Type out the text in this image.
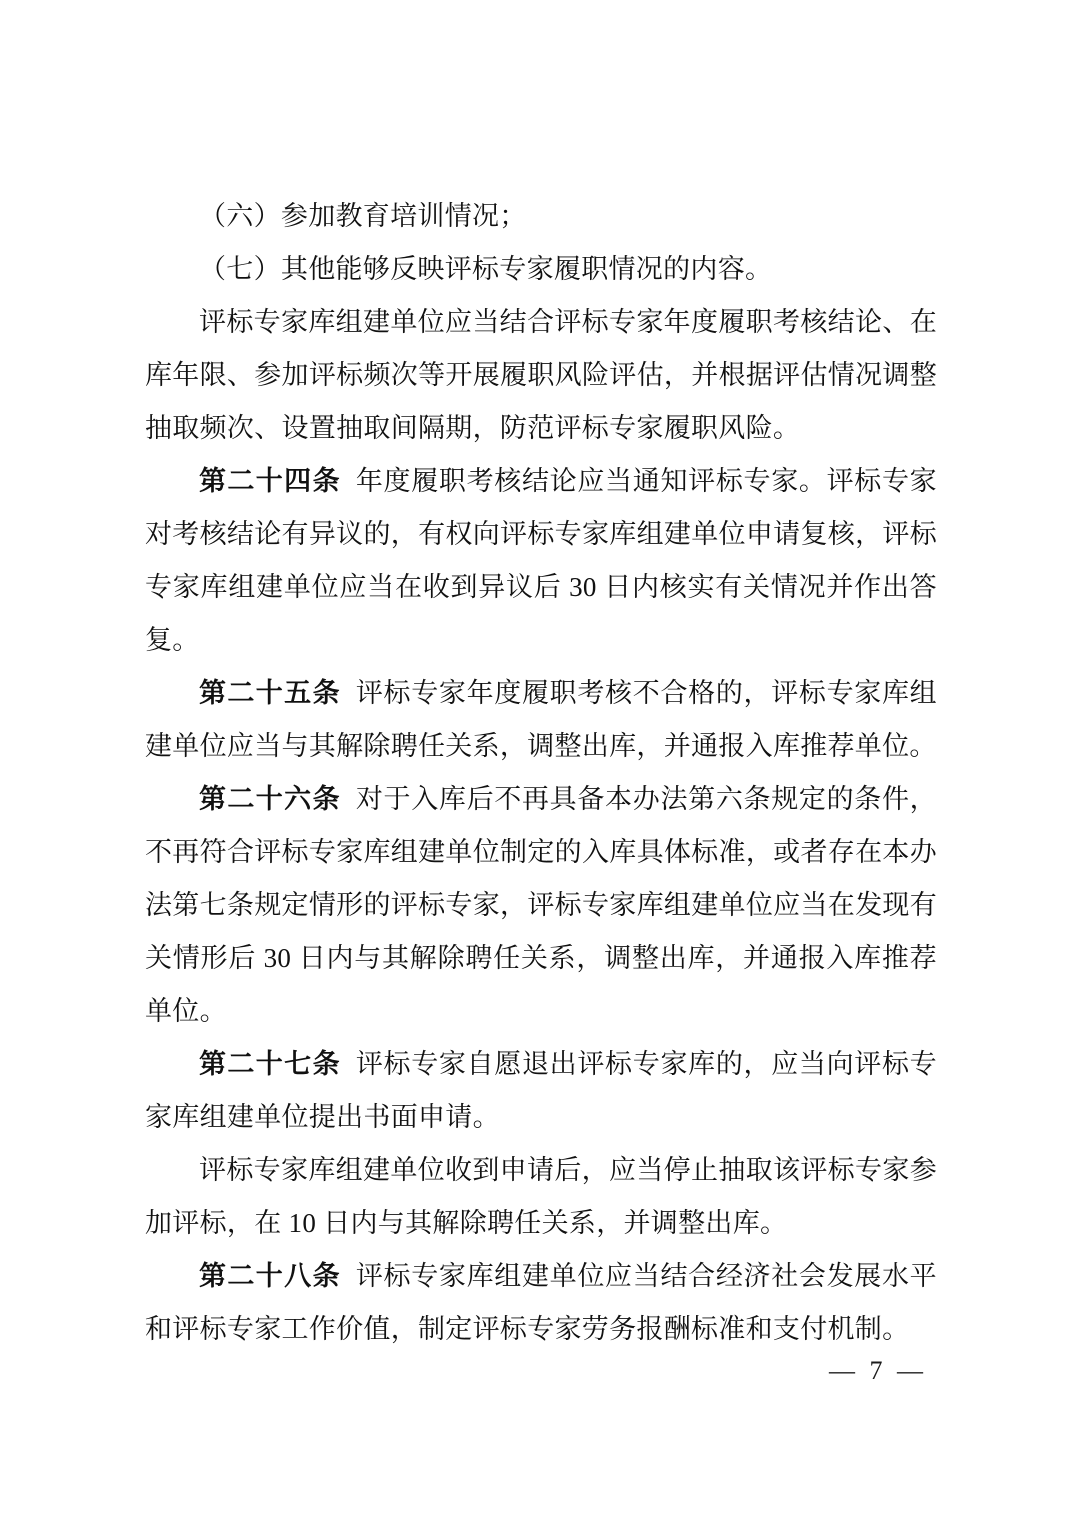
（六）参加教育培训情况；

（七）其他能够反映评标专家履职情况的内容。

评标专家库组建单位应当结合评标专家年度履职考核结论、在库年限、参加评标频次等开展履职风险评估，并根据评估情况调整抽取频次、设置抽取间隔期，防范评标专家履职风险。

第二十四条 年度履职考核结论应当通知评标专家。评标专家对考核结论有异议的，有权向评标专家库组建单位申请复核，评标专家库组建单位应当在收到异议后 30 日内核实有关情况并作出答复。

第二十五条 评标专家年度履职考核不合格的，评标专家库组建单位应当与其解除聘任关系，调整出库，并通报入库推荐单位。

第二十六条 对于入库后不再具备本办法第六条规定的条件，不再符合评标专家库组建单位制定的入库具体标准，或者存在本办法第七条规定情形的评标专家，评标专家库组建单位应当在发现有关情形后 30 日内与其解除聘任关系，调整出库，并通报入库推荐单位。

第二十七条 评标专家自愿退出评标专家库的，应当向评标专家库组建单位提出书面申请。

评标专家库组建单位收到申请后，应当停止抽取该评标专家参加评标，在 10 日内与其解除聘任关系，并调整出库。

第二十八条 评标专家库组建单位应当结合经济社会发展水平和评标专家工作价值，制定评标专家劳务报酬标准和支付机制。

— 7 —
